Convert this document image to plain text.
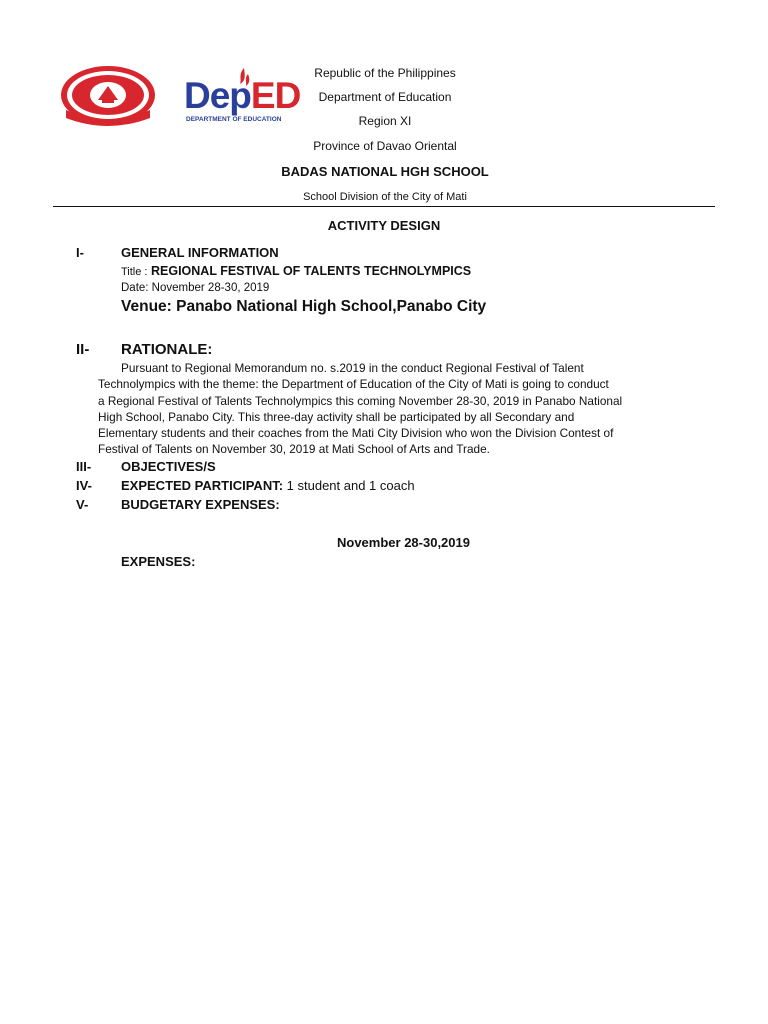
DepED
DEPARTMENT OF EDUCATION
Republic of the Philippines
Department of Education
Region XI
Province of Davao Oriental
BADAS NATIONAL HGH SCHOOL
School Division of the City of Mati
ACTIVITY DESIGN
I-	GENERAL INFORMATION
Title : REGIONAL FESTIVAL OF TALENTS TECHNOLYMPICS
Date: November 28-30, 2019
Venue: Panabo National High School,Panabo City
II- RATIONALE:

Pursuant to Regional Memorandum no. s.2019 in the conduct Regional Festival of Talent

Technolympics with the theme: the Department of Education of the City of Mati is going to conduct

a Regional Festival of Talents Technolympics this coming November 28-30, 2019 in Panabo National

High School, Panabo City. This three-day activity shall be participated by all Secondary and

Elementary students and their coaches from the Mati City Division who won the Division Contest of

Festival of Talents on November 30, 2019 at Mati School of Arts and Trade.

III- OBJECTIVES/S
IV- EXPECTED PARTICIPANT: 1 student and 1 coach
V-	BUDGETARY EXPENSES:
November 28-30,2019
EXPENSES:
